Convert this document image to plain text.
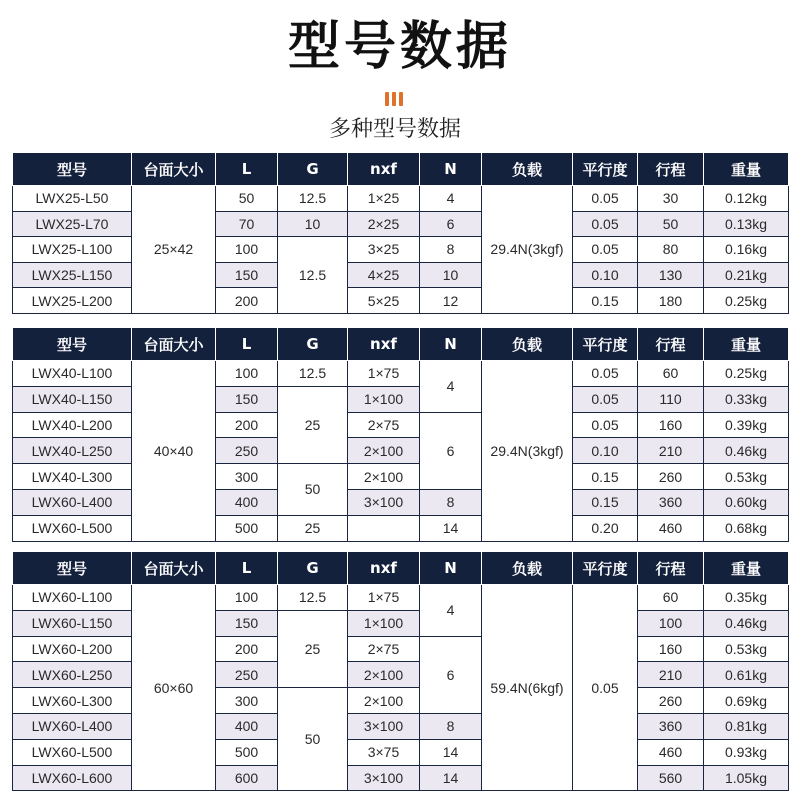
型号数据
多种型号数据
型号	台面大小	L	G	nxf	N	负载	平行度	行程	重量
LWX25-L50	25×42	50	12.5	1×25	4	29.4N(3kgf)	0.05	30	0.12kg
LWX25-L70		70	10	2×25	6		0.05	50	0.13kg
LWX25-L100		100	12.5	3×25	8		0.05	80	0.16kg
LWX25-L150		150		4×25	10		0.10	130	0.21kg
LWX25-L200		200		5×25	12		0.15	180	0.25kg
型号	台面大小	L	G	nxf	N	负载	平行度	行程	重量
LWX40-L100	40×40	100	12.5	1×75	4	29.4N(3kgf)	0.05	60	0.25kg
LWX40-L150		150	25	1×100			0.05	110	0.33kg
LWX40-L200		200		2×75	6		0.05	160	0.39kg
LWX40-L250		250		2×100			0.10	210	0.46kg
LWX40-L300		300	50	2×100			0.15	260	0.53kg
LWX60-L400		400		3×100	8		0.15	360	0.60kg
LWX60-L500		500	25		14		0.20	460	0.68kg
型号	台面大小	L	G	nxf	N	负载	平行度	行程	重量
LWX60-L100	60×60	100	12.5	1×75	4	59.4N(6kgf)	0.05	60	0.35kg
LWX60-L150		150	25	1×100				100	0.46kg
LWX60-L200		200		2×75	6			160	0.53kg
LWX60-L250		250		2×100				210	0.61kg
LWX60-L300		300	50	2×100				260	0.69kg
LWX60-L400		400		3×100	8			360	0.81kg
LWX60-L500		500		3×75	14			460	0.93kg
LWX60-L600		600		3×100	14			560	1.05kg
